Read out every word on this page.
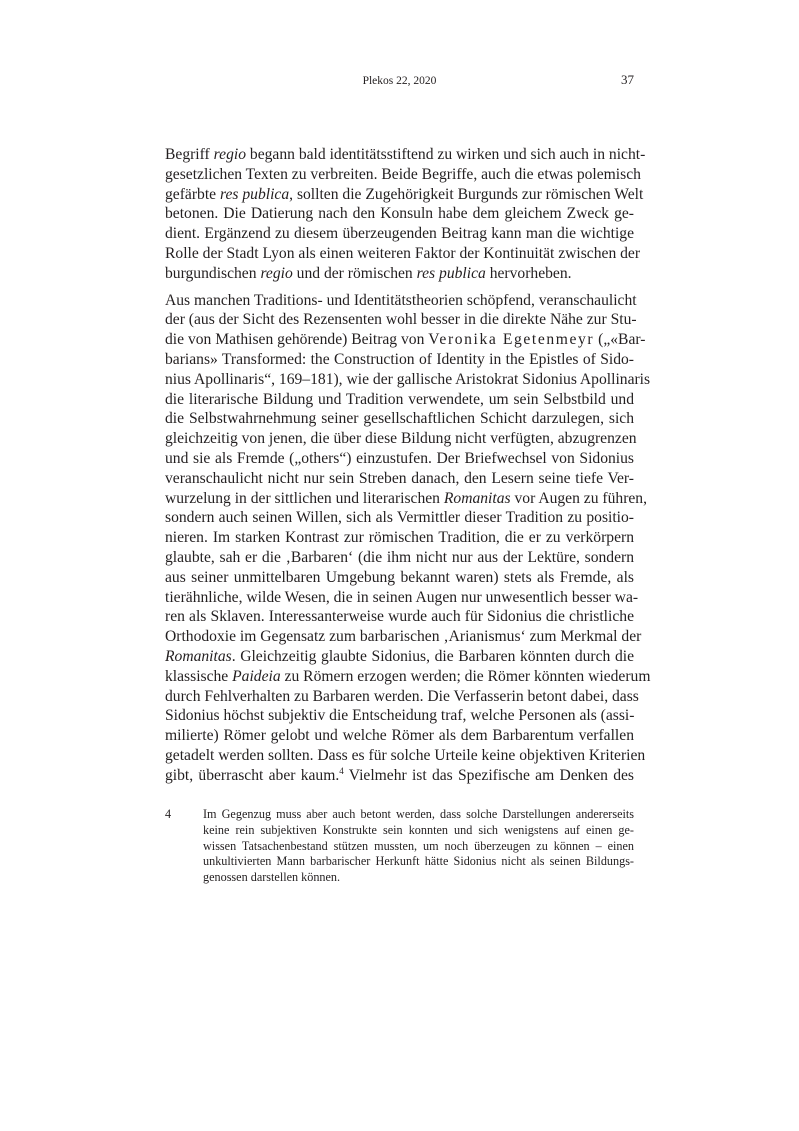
Plekos 22, 2020	37
Begriff regio begann bald identitätsstiftend zu wirken und sich auch in nicht-
gesetzlichen Texten zu verbreiten. Beide Begriffe, auch die etwas polemisch
gefärbte res publica, sollten die Zugehörigkeit Burgunds zur römischen Welt
betonen. Die Datierung nach den Konsuln habe dem gleichem Zweck ge-
dient. Ergänzend zu diesem überzeugenden Beitrag kann man die wichtige
Rolle der Stadt Lyon als einen weiteren Faktor der Kontinuität zwischen der
burgundischen regio und der römischen res publica hervorheben.
Aus manchen Traditions- und Identitätstheorien schöpfend, veranschaulicht
der (aus der Sicht des Rezensenten wohl besser in die direkte Nähe zur Stu-
die von Mathisen gehörende) Beitrag von Veronika Egetenmeyr („«Bar-
barians» Transformed: the Construction of Identity in the Epistles of Sido-
nius Apollinaris“, 169–181), wie der gallische Aristokrat Sidonius Apollinaris
die literarische Bildung und Tradition verwendete, um sein Selbstbild und
die Selbstwahrnehmung seiner gesellschaftlichen Schicht darzulegen, sich
gleichzeitig von jenen, die über diese Bildung nicht verfügten, abzugrenzen
und sie als Fremde („others“) einzustufen. Der Briefwechsel von Sidonius
veranschaulicht nicht nur sein Streben danach, den Lesern seine tiefe Ver-
wurzelung in der sittlichen und literarischen Romanitas vor Augen zu führen,
sondern auch seinen Willen, sich als Vermittler dieser Tradition zu positio-
nieren. Im starken Kontrast zur römischen Tradition, die er zu verkörpern
glaubte, sah er die ‚Barbaren‘ (die ihm nicht nur aus der Lektüre, sondern
aus seiner unmittelbaren Umgebung bekannt waren) stets als Fremde, als
tierähnliche, wilde Wesen, die in seinen Augen nur unwesentlich besser wa-
ren als Sklaven. Interessanterweise wurde auch für Sidonius die christliche
Orthodoxie im Gegensatz zum barbarischen ‚Arianismus‘ zum Merkmal der
Romanitas. Gleichzeitig glaubte Sidonius, die Barbaren könnten durch die
klassische Paideia zu Römern erzogen werden; die Römer könnten wiederum
durch Fehlverhalten zu Barbaren werden. Die Verfasserin betont dabei, dass
Sidonius höchst subjektiv die Entscheidung traf, welche Personen als (assi-
milierte) Römer gelobt und welche Römer als dem Barbarentum verfallen
getadelt werden sollten. Dass es für solche Urteile keine objektiven Kriterien
gibt, überrascht aber kaum.$^4$ Vielmehr ist das Spezifische am Denken des
4	Im Gegenzug muss aber auch betont werden, dass solche Darstellungen andererseits
keine rein subjektiven Konstrukte sein konnten und sich wenigstens auf einen ge-
wissen Tatsachenbestand stützen mussten, um noch überzeugen zu können – einen
unkultivierten Mann barbarischer Herkunft hätte Sidonius nicht als seinen Bildungs-
genossen darstellen können.
